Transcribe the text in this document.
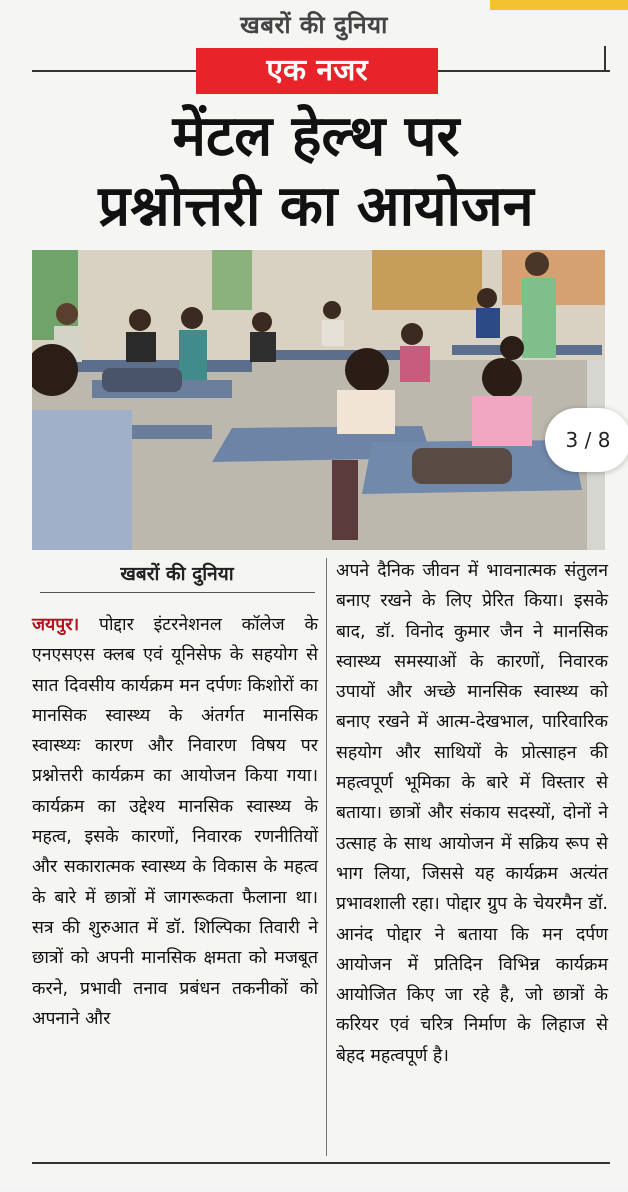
खबरों की दुनिया
एक नजर
मेंटल हेल्थ पर
प्रश्नोत्तरी का आयोजन
3 / 8
खबरों की दुनिया
जयपुर। पोद्दार इंटरनेशनल कॉलेज के एनएसएस क्लब एवं यूनिसेफ के सहयोग से सात दिवसीय कार्यक्रम मन दर्पणः किशोरों का मानसिक स्वास्थ्य के अंतर्गत मानसिक स्वास्थ्यः कारण और निवारण विषय पर प्रश्नोत्तरी कार्यक्रम का आयोजन किया गया। कार्यक्रम का उद्देश्य मानसिक स्वास्थ्य के महत्व, इसके कारणों, निवारक रणनीतियों और सकारात्मक स्वास्थ्य के विकास के महत्व के बारे में छात्रों में जागरूकता फैलाना था। सत्र की शुरुआत में डॉ. शिल्पिका तिवारी ने छात्रों को अपनी मानसिक क्षमता को मजबूत करने, प्रभावी तनाव प्रबंधन तकनीकों को अपनाने और
अपने दैनिक जीवन में भावनात्मक संतुलन बनाए रखने के लिए प्रेरित किया। इसके बाद, डॉ. विनोद कुमार जैन ने मानसिक स्वास्थ्य समस्याओं के कारणों, निवारक उपायों और अच्छे मानसिक स्वास्थ्य को बनाए रखने में आत्म-देखभाल, पारिवारिक सहयोग और साथियों के प्रोत्साहन की महत्वपूर्ण भूमिका के बारे में विस्तार से बताया। छात्रों और संकाय सदस्यों, दोनों ने उत्साह के साथ आयोजन में सक्रिय रूप से भाग लिया, जिससे यह कार्यक्रम अत्यंत प्रभावशाली रहा। पोद्दार ग्रुप के चेयरमैन डॉ. आनंद पोद्दार ने बताया कि मन दर्पण आयोजन में प्रतिदिन विभिन्न कार्यक्रम आयोजित किए जा रहे है, जो छात्रों के करियर एवं चरित्र निर्माण के लिहाज से बेहद महत्वपूर्ण है।
